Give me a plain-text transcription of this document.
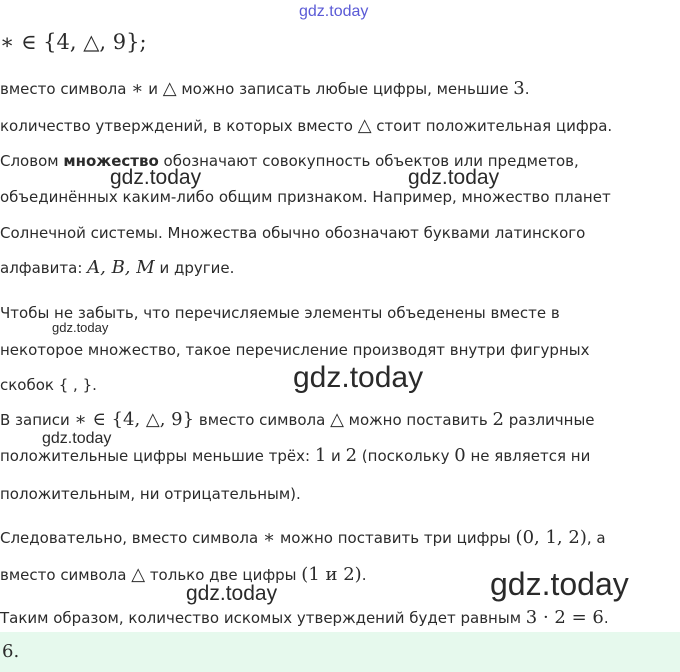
gdz.today
gdz.today	gdz.today
gdz.today
gdz.today
gdz.today
gdz.today
gdz.today
∗ ∈ {4, △, 9};
вместо символа ∗ и △ можно записать любые цифры, меньшие 3.
количество утверждений, в которых вместо △ стоит положительная цифра.
Словом множество обозначают совокупность объектов или предметов,
объединённых каким-либо общим признаком. Например, множество планет
Солнечной системы. Множества обычно обозначают буквами латинского
алфавита: A, B, M и другие.
Чтобы не забыть, что перечисляемые элементы объеденены вместе в
некоторое множество, такое перечисление производят внутри фигурных
скобок { , }.
В записи ∗ ∈ {4, △, 9} вместо символа △ можно поставить 2 различные
положительные цифры меньшие трёх: 1 и 2 (поскольку 0 не является ни
положительным, ни отрицательным).
Следовательно, вместо символа ∗ можно поставить три цифры (0, 1, 2), а
вместо символа △ только две цифры (1 и 2).
Таким образом, количество искомых утверждений будет равным 3 · 2 = 6.
6.
